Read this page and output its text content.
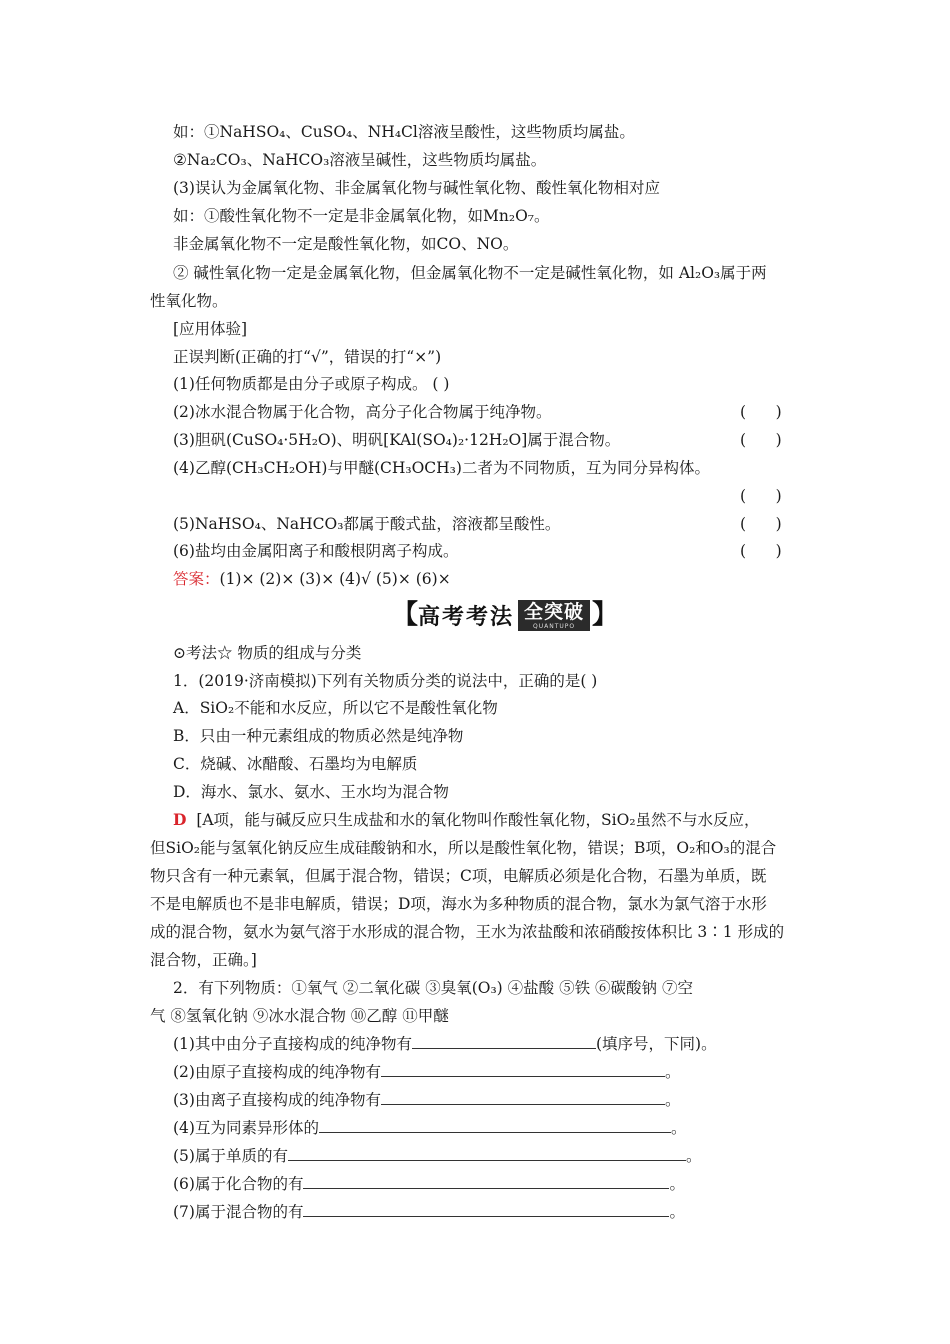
如：①NaHSO₄、CuSO₄、NH₄Cl溶液呈酸性，这些物质均属盐。
②Na₂CO₃、NaHCO₃溶液呈碱性，这些物质均属盐。
(3)误认为金属氧化物、非金属氧化物与碱性氧化物、酸性氧化物相对应
如：①酸性氧化物不一定是非金属氧化物，如Mn₂O₇。
非金属氧化物不一定是酸性氧化物，如CO、NO。
② 碱性氧化物一定是金属氧化物，但金属氧化物不一定是碱性氧化物，如 Al₂O₃属于两
性氧化物。
[应用体验]
正误判断(正确的打“√”，错误的打“×”)
(1)任何物质都是由分子或原子构成。 ( )
(2)冰水混合物属于化合物，高分子化合物属于纯净物。	(      )
(3)胆矾(CuSO₄·5H₂O)、明矾[KAl(SO₄)₂·12H₂O]属于混合物。	(      )
(4)乙醇(CH₃CH₂OH)与甲醚(CH₃OCH₃)二者为不同物质，互为同分异构体。
(      )
(5)NaHSO₄、NaHCO₃都属于酸式盐，溶液都呈酸性。	(      )
(6)盐均由金属阳离子和酸根阴离子构成。	(      )
答案：(1)× (2)× (3)× (4)√ (5)× (6)×
【 高考考法 全突破
QUANTUPO 】
⊙考法☆ 物质的组成与分类
1．(2019·济南模拟)下列有关物质分类的说法中，正确的是( )
A．SiO₂不能和水反应，所以它不是酸性氧化物
B．只由一种元素组成的物质必然是纯净物
C．烧碱、冰醋酸、石墨均为电解质
D．海水、氯水、氨水、王水均为混合物
D [A项，能与碱反应只生成盐和水的氧化物叫作酸性氧化物，SiO₂虽然不与水反应，
但SiO₂能与氢氧化钠反应生成硅酸钠和水，所以是酸性氧化物，错误；B项，O₂和O₃的混合
物只含有一种元素氧，但属于混合物，错误；C项，电解质必须是化合物，石墨为单质，既
不是电解质也不是非电解质，错误；D项，海水为多种物质的混合物，氯水为氯气溶于水形
成的混合物，氨水为氨气溶于水形成的混合物，王水为浓盐酸和浓硝酸按体积比 3∶1 形成的
混合物，正确。]
2．有下列物质：①氧气 ②二氧化碳 ③臭氧(O₃) ④盐酸 ⑤铁 ⑥碳酸钠 ⑦空
气 ⑧氢氧化钠 ⑨冰水混合物 ⑩乙醇 ⑪甲醚
(1)其中由分子直接构成的纯净物有	(填序号，下同)。
(2)由原子直接构成的纯净物有	。
(3)由离子直接构成的纯净物有	。
(4)互为同素异形体的	。
(5)属于单质的有	。
(6)属于化合物的有	。
(7)属于混合物的有	。
